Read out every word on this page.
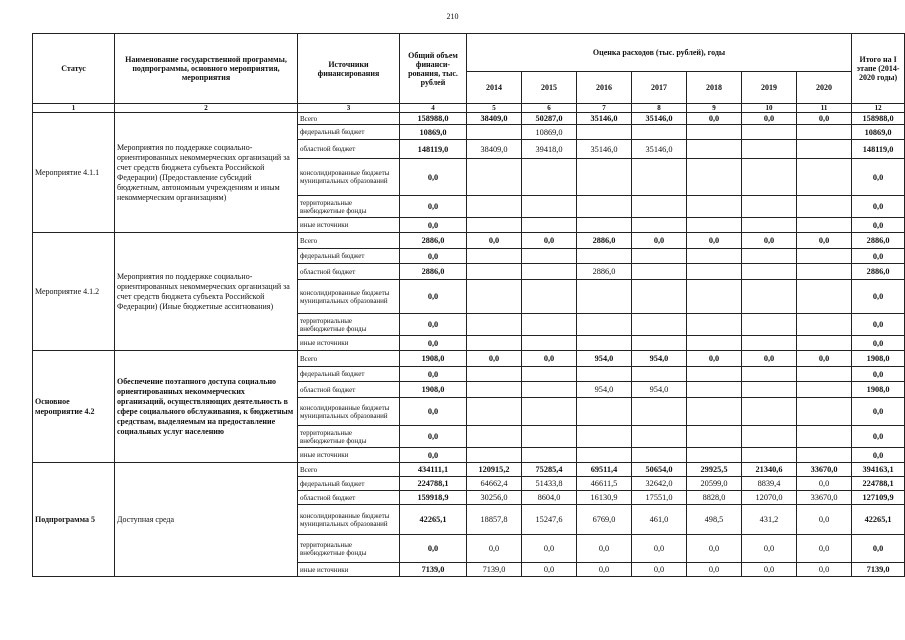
210
Статус	Наименование государственной программы, подпрограммы, основного мероприятия, мероприятия	Источники финансирования	Общий объем финанси-рования, тыс. рублей	Оценка расходов (тыс. рублей), годы							Итого на I этапе (2014-2020 годы)
				2014	2015	2016	2017	2018	2019	2020	
1	2	3	4	5	6	7	8	9	10	11	12
Мероприятие 4.1.1	Мероприятия по поддержке социально-ориентированных некоммерческих организаций за счет средств бюджета субъекта Российской Федерации) (Предоставление субсидий бюджетным, автономным учреждениям и иным некоммерческим организациям)	Всего	158988,0	38409,0	50287,0	35146,0	35146,0	0,0	0,0	0,0	158988,0
		федеральный бюджет	10869,0		10869,0						10869,0
		областной бюджет	148119,0	38409,0	39418,0	35146,0	35146,0				148119,0
		консолидированные бюджеты муниципальных образований	0,0								0,0
		территориальные внебюджетные фонды	0,0								0,0
		иные источники	0,0								0,0
Мероприятие 4.1.2	Мероприятия по поддержке социально-ориентированных некоммерческих организаций за счет средств бюджета субъекта Российской Федерации) (Иные бюджетные ассигнования)	Всего	2886,0	0,0	0,0	2886,0	0,0	0,0	0,0	0,0	2886,0
		федеральный бюджет	0,0								0,0
		областной бюджет	2886,0			2886,0					2886,0
		консолидированные бюджеты муниципальных образований	0,0								0,0
		территориальные внебюджетные фонды	0,0								0,0
		иные источники	0,0								0,0
Основное мероприятие 4.2	Обеспечение поэтапного доступа социально ориентированных некоммерческих организаций, осуществляющих деятельность в сфере социального обслуживания, к бюджетным средствам, выделяемым на предоставление социальных услуг населению	Всего	1908,0	0,0	0,0	954,0	954,0	0,0	0,0	0,0	1908,0
		федеральный бюджет	0,0								0,0
		областной бюджет	1908,0			954,0	954,0				1908,0
		консолидированные бюджеты муниципальных образований	0,0								0,0
		территориальные внебюджетные фонды	0,0								0,0
		иные источники	0,0								0,0
Подпрограмма 5	Доступная среда	Всего	434111,1	120915,2	75285,4	69511,4	50654,0	29925,5	21340,6	33670,0	394163,1
		федеральный бюджет	224788,1	64662,4	51433,8	46611,5	32642,0	20599,0	8839,4	0,0	224788,1
		областной бюджет	159918,9	30256,0	8604,0	16130,9	17551,0	8828,0	12070,0	33670,0	127109,9
		консолидированные бюджеты муниципальных образований	42265,1	18857,8	15247,6	6769,0	461,0	498,5	431,2	0,0	42265,1
		территориальные внебюджетные фонды	0,0	0,0	0,0	0,0	0,0	0,0	0,0	0,0	0,0
		иные источники	7139,0	7139,0	0,0	0,0	0,0	0,0	0,0	0,0	7139,0
